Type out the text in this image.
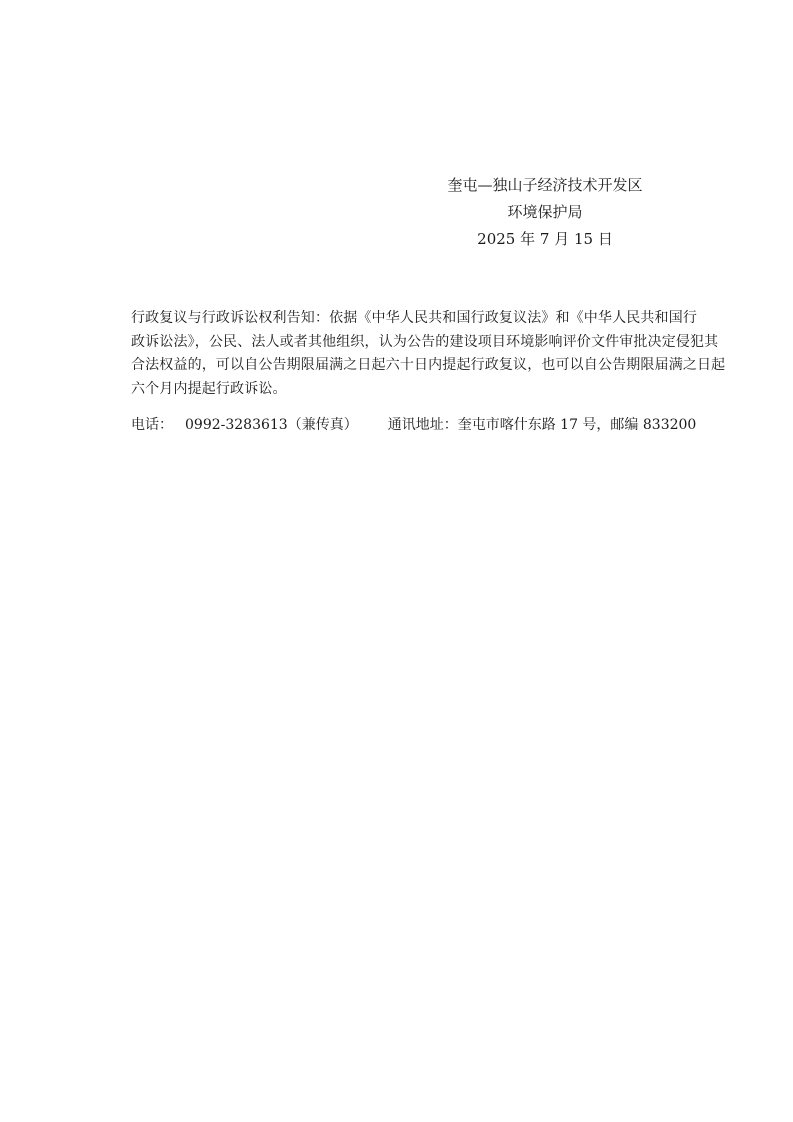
奎屯—独山子经济技术开发区
环境保护局
2025 年 7 月 15 日
行政复议与行政诉讼权利告知：依据《中华人民共和国行政复议法》和《中华人民共和国行
政诉讼法》，公民、法人或者其他组织，认为公告的建设项目环境影响评价文件审批决定侵犯其
合法权益的，可以自公告期限届满之日起六十日内提起行政复议，也可以自公告期限届满之日起
六个月内提起行政诉讼。
电话： 0992-3283613（兼传真） 通讯地址：奎屯市喀什东路 17 号，邮编 833200
